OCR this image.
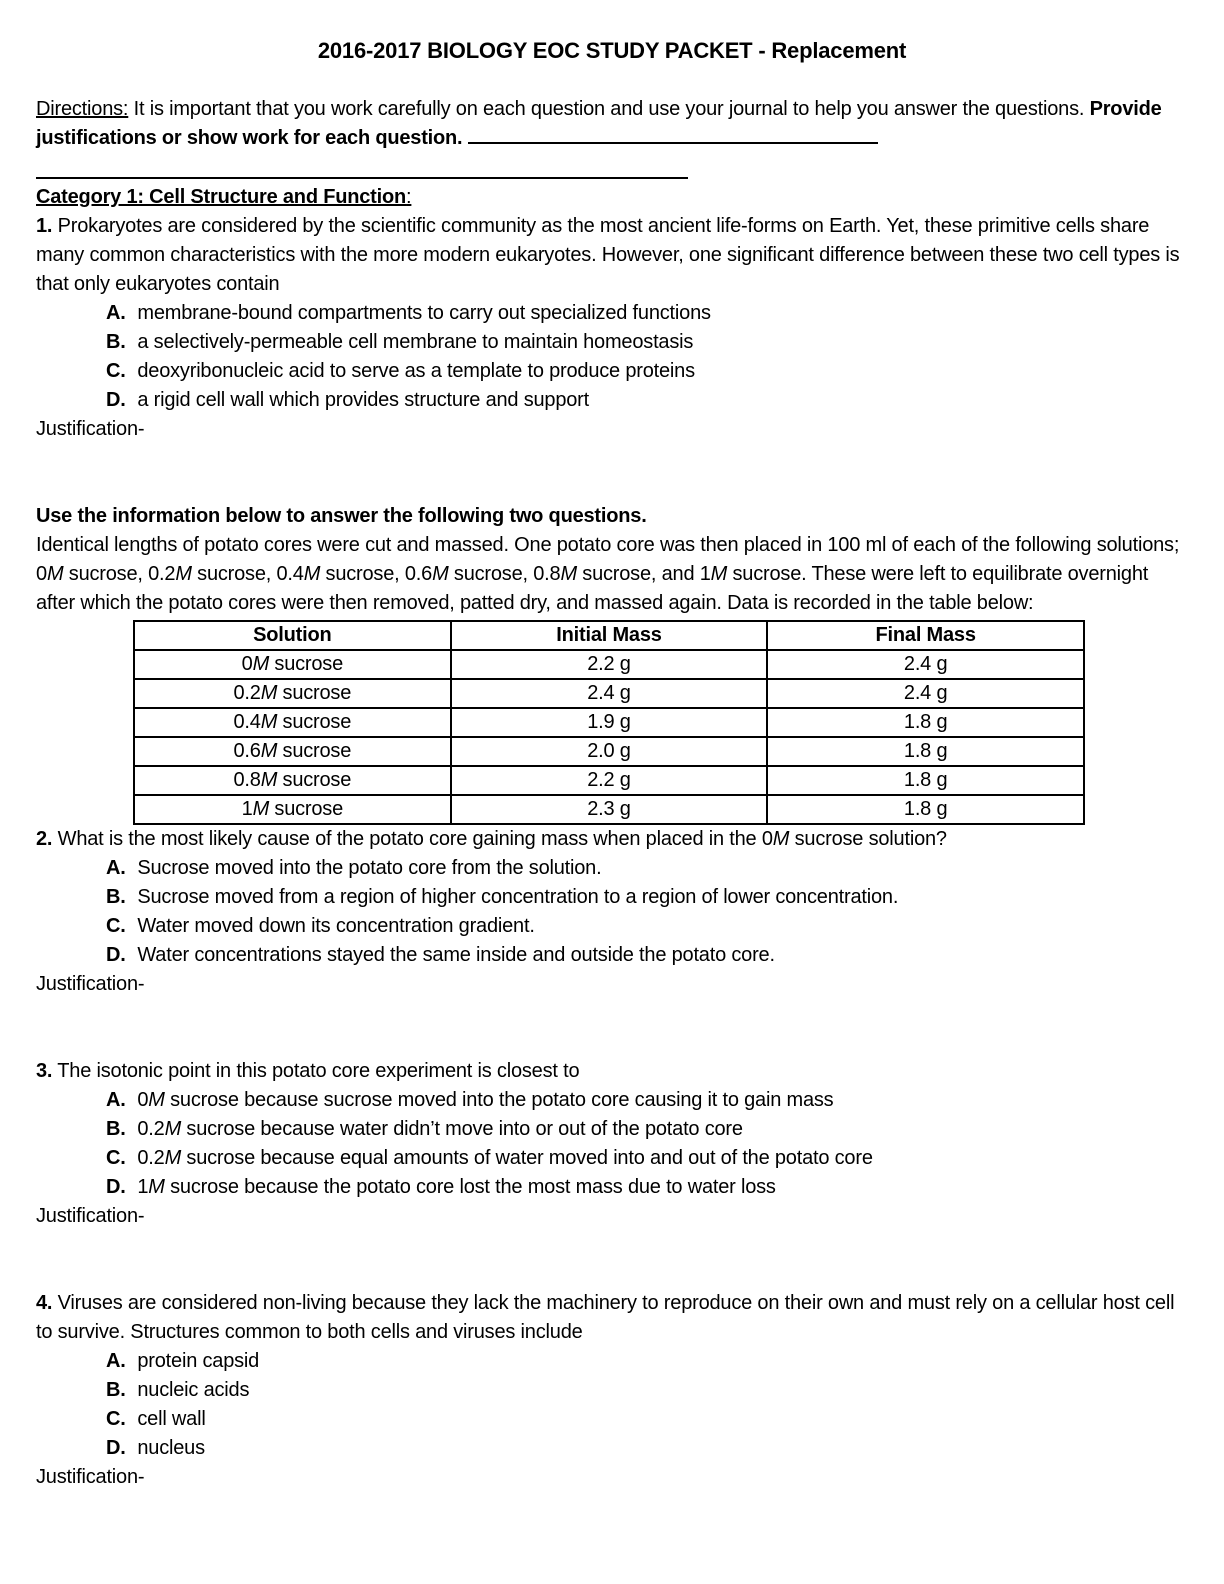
2016-2017 BIOLOGY EOC STUDY PACKET - Replacement
Directions: It is important that you work carefully on each question and use your journal to help you answer the questions. Provide justifications or show work for each question.
Category 1: Cell Structure and Function:
1. Prokaryotes are considered by the scientific community as the most ancient life-forms on Earth. Yet, these primitive cells share many common characteristics with the more modern eukaryotes. However, one significant difference between these two cell types is that only eukaryotes contain
A. membrane-bound compartments to carry out specialized functions
B. a selectively-permeable cell membrane to maintain homeostasis
C. deoxyribonucleic acid to serve as a template to produce proteins
D. a rigid cell wall which provides structure and support
Justification-
Use the information below to answer the following two questions.
Identical lengths of potato cores were cut and massed. One potato core was then placed in 100 ml of each of the following solutions; 0M sucrose, 0.2M sucrose, 0.4M sucrose, 0.6M sucrose, 0.8M sucrose, and 1M sucrose. These were left to equilibrate overnight after which the potato cores were then removed, patted dry, and massed again. Data is recorded in the table below:
Solution	Initial Mass	Final Mass
0M sucrose	2.2 g	2.4 g
0.2M sucrose	2.4 g	2.4 g
0.4M sucrose	1.9 g	1.8 g
0.6M sucrose	2.0 g	1.8 g
0.8M sucrose	2.2 g	1.8 g
1M sucrose	2.3 g	1.8 g
2. What is the most likely cause of the potato core gaining mass when placed in the 0M sucrose solution?
A. Sucrose moved into the potato core from the solution.
B. Sucrose moved from a region of higher concentration to a region of lower concentration.
C. Water moved down its concentration gradient.
D. Water concentrations stayed the same inside and outside the potato core.
Justification-
3. The isotonic point in this potato core experiment is closest to
A. 0M sucrose because sucrose moved into the potato core causing it to gain mass
B. 0.2M sucrose because water didn’t move into or out of the potato core
C. 0.2M sucrose because equal amounts of water moved into and out of the potato core
D. 1M sucrose because the potato core lost the most mass due to water loss
Justification-
4. Viruses are considered non-living because they lack the machinery to reproduce on their own and must rely on a cellular host cell to survive. Structures common to both cells and viruses include
A. protein capsid
B. nucleic acids
C. cell wall
D. nucleus
Justification-
